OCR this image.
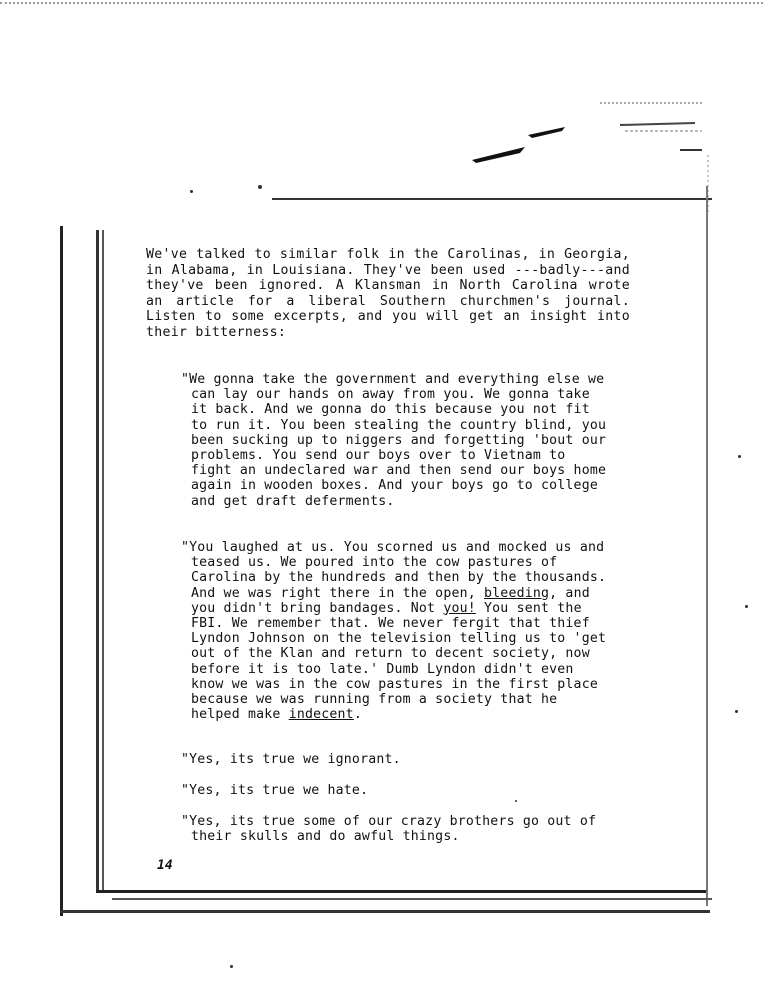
We've talked to similar folk in the Carolinas, in Georgia, in Alabama, in Louisiana. They've been used ---badly---and they've been ignored. A Klansman in North Carolina wrote an article for a liberal Southern churchmen's journal. Listen to some excerpts, and you will get an insight into their bitterness:

"We gonna take the government and everything else we can lay our hands on away from you. We gonna take it back. And we gonna do this because you not fit to run it. You been stealing the country blind, you been sucking up to niggers and forgetting 'bout our problems. You send our boys over to Vietnam to fight an undeclared war and then send our boys home again in wooden boxes. And your boys go to college and get draft deferments.

"You laughed at us. You scorned us and mocked us and teased us. We poured into the cow pastures of Carolina by the hundreds and then by the thousands. And we was right there in the open, bleeding, and you didn't bring bandages. Not you! You sent the FBI. We remember that. We never fergit that thief Lyndon Johnson on the television telling us to 'get out of the Klan and return to decent society, now before it is too late.' Dumb Lyndon didn't even know we was in the cow pastures in the first place because we was running from a society that he helped make indecent.

"Yes, its true we ignorant.

"Yes, its true we hate.

"Yes, its true some of our crazy brothers go out of their skulls and do awful things.

14
